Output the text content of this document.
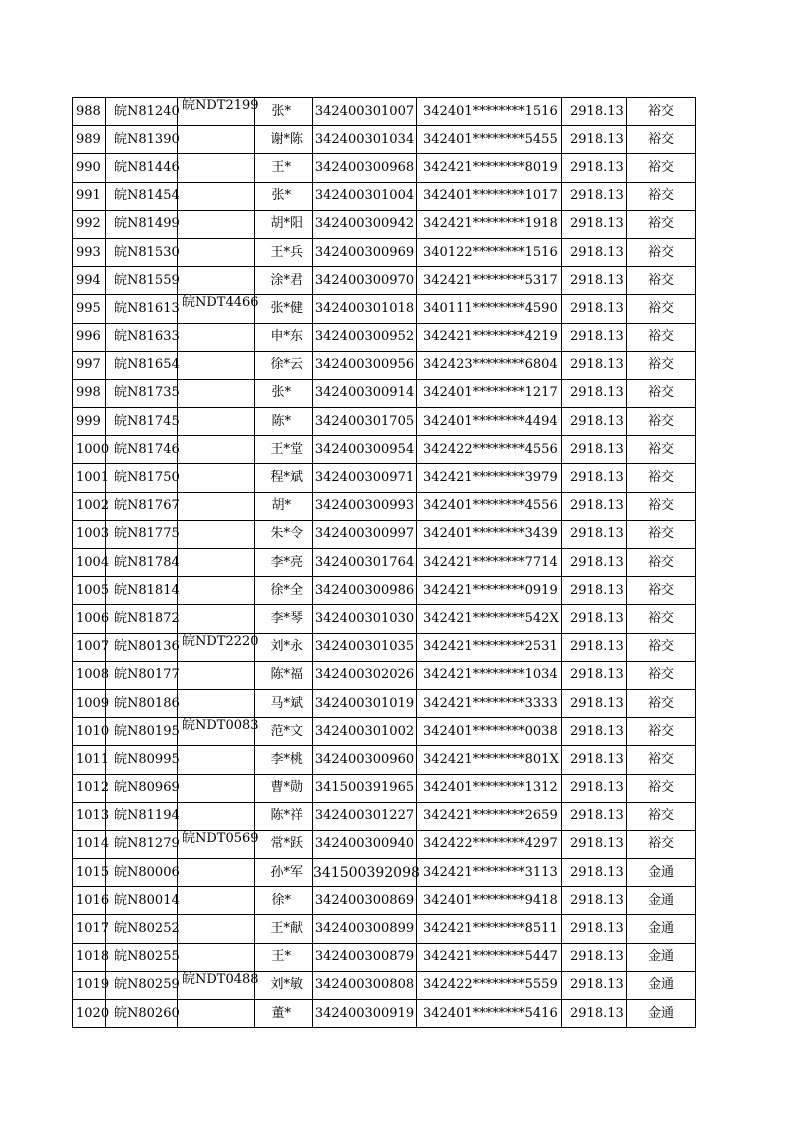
988	皖N81240	皖NDT2199	张*	342400301007	342401********1516	2918.13	裕交
989	皖N81390		谢*陈	342400301034	342401********5455	2918.13	裕交
990	皖N81446		王*	342400300968	342421********8019	2918.13	裕交
991	皖N81454		张*	342400301004	342401********1017	2918.13	裕交
992	皖N81499		胡*阳	342400300942	342421********1918	2918.13	裕交
993	皖N81530		王*兵	342400300969	340122********1516	2918.13	裕交
994	皖N81559		涂*君	342400300970	342421********5317	2918.13	裕交
995	皖N81613	皖NDT4466	张*健	342400301018	340111********4590	2918.13	裕交
996	皖N81633		申*东	342400300952	342421********4219	2918.13	裕交
997	皖N81654		徐*云	342400300956	342423********6804	2918.13	裕交
998	皖N81735		张*	342400300914	342401********1217	2918.13	裕交
999	皖N81745		陈*	342400301705	342401********4494	2918.13	裕交
1000	皖N81746		王*堂	342400300954	342422********4556	2918.13	裕交
1001	皖N81750		程*斌	342400300971	342421********3979	2918.13	裕交
1002	皖N81767		胡*	342400300993	342401********4556	2918.13	裕交
1003	皖N81775		朱*令	342400300997	342401********3439	2918.13	裕交
1004	皖N81784		李*亮	342400301764	342421********7714	2918.13	裕交
1005	皖N81814		徐*全	342400300986	342421********0919	2918.13	裕交
1006	皖N81872		李*琴	342400301030	342421********542X	2918.13	裕交
1007	皖N80136	皖NDT2220	刘*永	342400301035	342421********2531	2918.13	裕交
1008	皖N80177		陈*福	342400302026	342421********1034	2918.13	裕交
1009	皖N80186		马*斌	342400301019	342421********3333	2918.13	裕交
1010	皖N80195	皖NDT0083	范*文	342400301002	342401********0038	2918.13	裕交
1011	皖N80995		李*桃	342400300960	342421********801X	2918.13	裕交
1012	皖N80969		曹*勋	341500391965	342401********1312	2918.13	裕交
1013	皖N81194		陈*祥	342400301227	342421********2659	2918.13	裕交
1014	皖N81279	皖NDT0569	常*跃	342400300940	342422********4297	2918.13	裕交
1015	皖N80006		孙*军	341500392098	342421********3113	2918.13	金通
1016	皖N80014		徐*	342400300869	342401********9418	2918.13	金通
1017	皖N80252		王*献	342400300899	342421********8511	2918.13	金通
1018	皖N80255		王*	342400300879	342421********5447	2918.13	金通
1019	皖N80259	皖NDT0488	刘*敏	342400300808	342422********5559	2918.13	金通
1020	皖N80260		董*	342400300919	342401********5416	2918.13	金通
